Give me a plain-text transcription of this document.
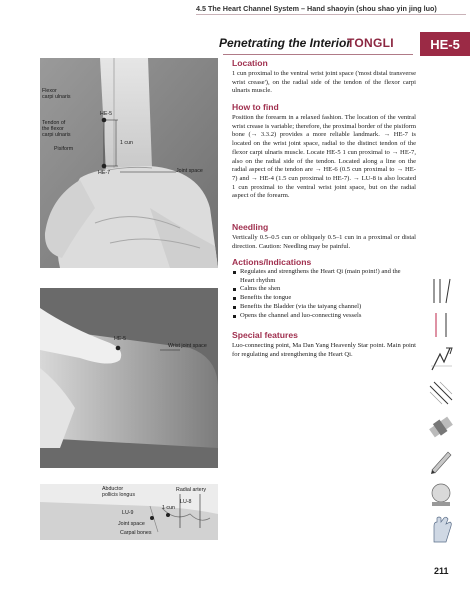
4.5 The Heart Channel System – Hand shaoyin (shou shao yin jing luo)
Penetrating the Interior
TONGLI	HE-5
Flexor
carpi ulnaris
Tendon of
the flexor
carpi ulnaris
Pisiform
HE-5
HE-7
1 cun
Joint space
HE-5
Wrist joint space
Abductor
pollicis longus
Radial artery
LU-8
1 cun
LU-9
Joint space
Carpal bones
Location

1 cun proximal to the ventral wrist joint space ('most distal transverse wrist crease'), on the radial side of the tendon of the flexor carpi ulnaris muscle.

How to find

Position the forearm in a relaxed fashion. The location of the ventral wrist crease is variable; therefore, the proximal border of the pisiform bone (→ 3.3.2) provides a more reliable landmark. → HE-7 is located on the wrist joint space, radial to the distinct tendon of the flexor carpi ulnaris muscle. Locate HE-5 1 cun proximal to → HE-7, also on the radial side of the tendon. Located along a line on the radial aspect of the tendon are → HE-6 (0.5 cun proximal to → HE-7) and → HE-4 (1.5 cun proximal to HE-7). → LU-8 is also located 1 cun proximal to the ventral wrist joint space, but on the radial aspect of the forearm.

Needling

Vertically 0.5–0.5 cun or obliquely 0.5–1 cun in a proximal or distal direction. Caution: Needling may be painful.

Actions/Indications
Regulates and strengthens the Heart Qi (main point!) and the Heart rhythm
Calms the shen
Benefits the tongue
Benefits the Bladder (via the taiyang channel)
Opens the channel and luo-connecting vessels
Special features

Luo-connecting point, Ma Dan Yang Heavenly Star point. Main point for regulating and strengthening the Heart Qi.

211
